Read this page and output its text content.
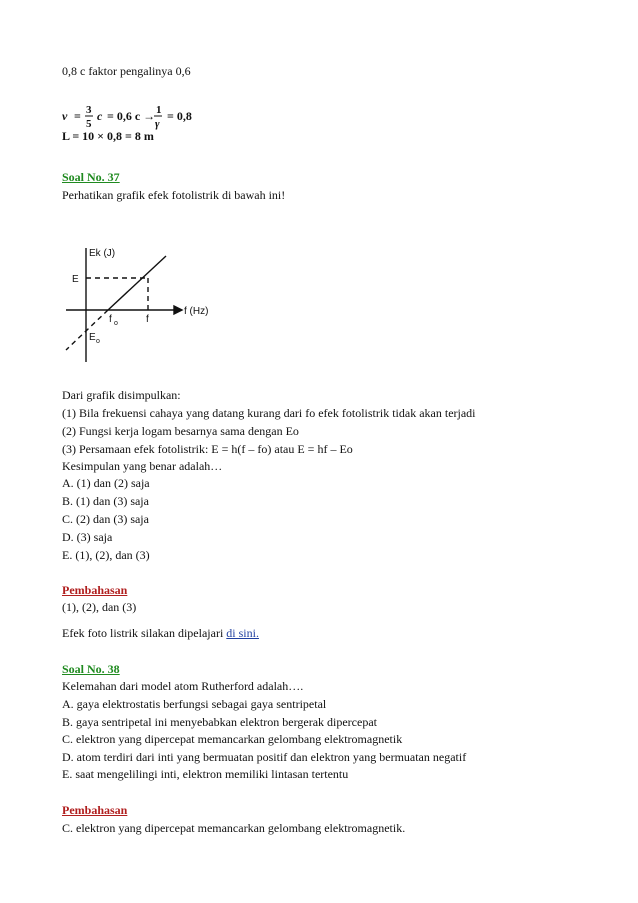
0,8 c faktor pengalinya 0,6
v = 3
5
c = 0,6 c → 1
γ
= 0,8
L = 10 × 0,8 = 8 m
Soal No. 37
Perhatikan grafik efek fotolistrik di bawah ini!
Ek (J)
f (Hz)
E
f o	f
E o
Dari grafik disimpulkan:
(1) Bila frekuensi cahaya yang datang kurang dari fo efek fotolistrik tidak akan terjadi
(2) Fungsi kerja logam besarnya sama dengan Eo
(3) Persamaan efek fotolistrik: E = h(f – fo) atau E = hf – Eo
Kesimpulan yang benar adalah…
A. (1) dan (2) saja
B. (1) dan (3) saja
C. (2) dan (3) saja
D. (3) saja
E. (1), (2), dan (3)
Pembahasan
(1), (2), dan (3)
Efek foto listrik silakan dipelajari di sini.
Soal No. 38
Kelemahan dari model atom Rutherford adalah….
A. gaya elektrostatis berfungsi sebagai gaya sentripetal
B. gaya sentripetal ini menyebabkan elektron bergerak dipercepat
C. elektron yang dipercepat memancarkan gelombang elektromagnetik
D. atom terdiri dari inti yang bermuatan positif dan elektron yang bermuatan negatif
E. saat mengelilingi inti, elektron memiliki lintasan tertentu
Pembahasan
C. elektron yang dipercepat memancarkan gelombang elektromagnetik.
